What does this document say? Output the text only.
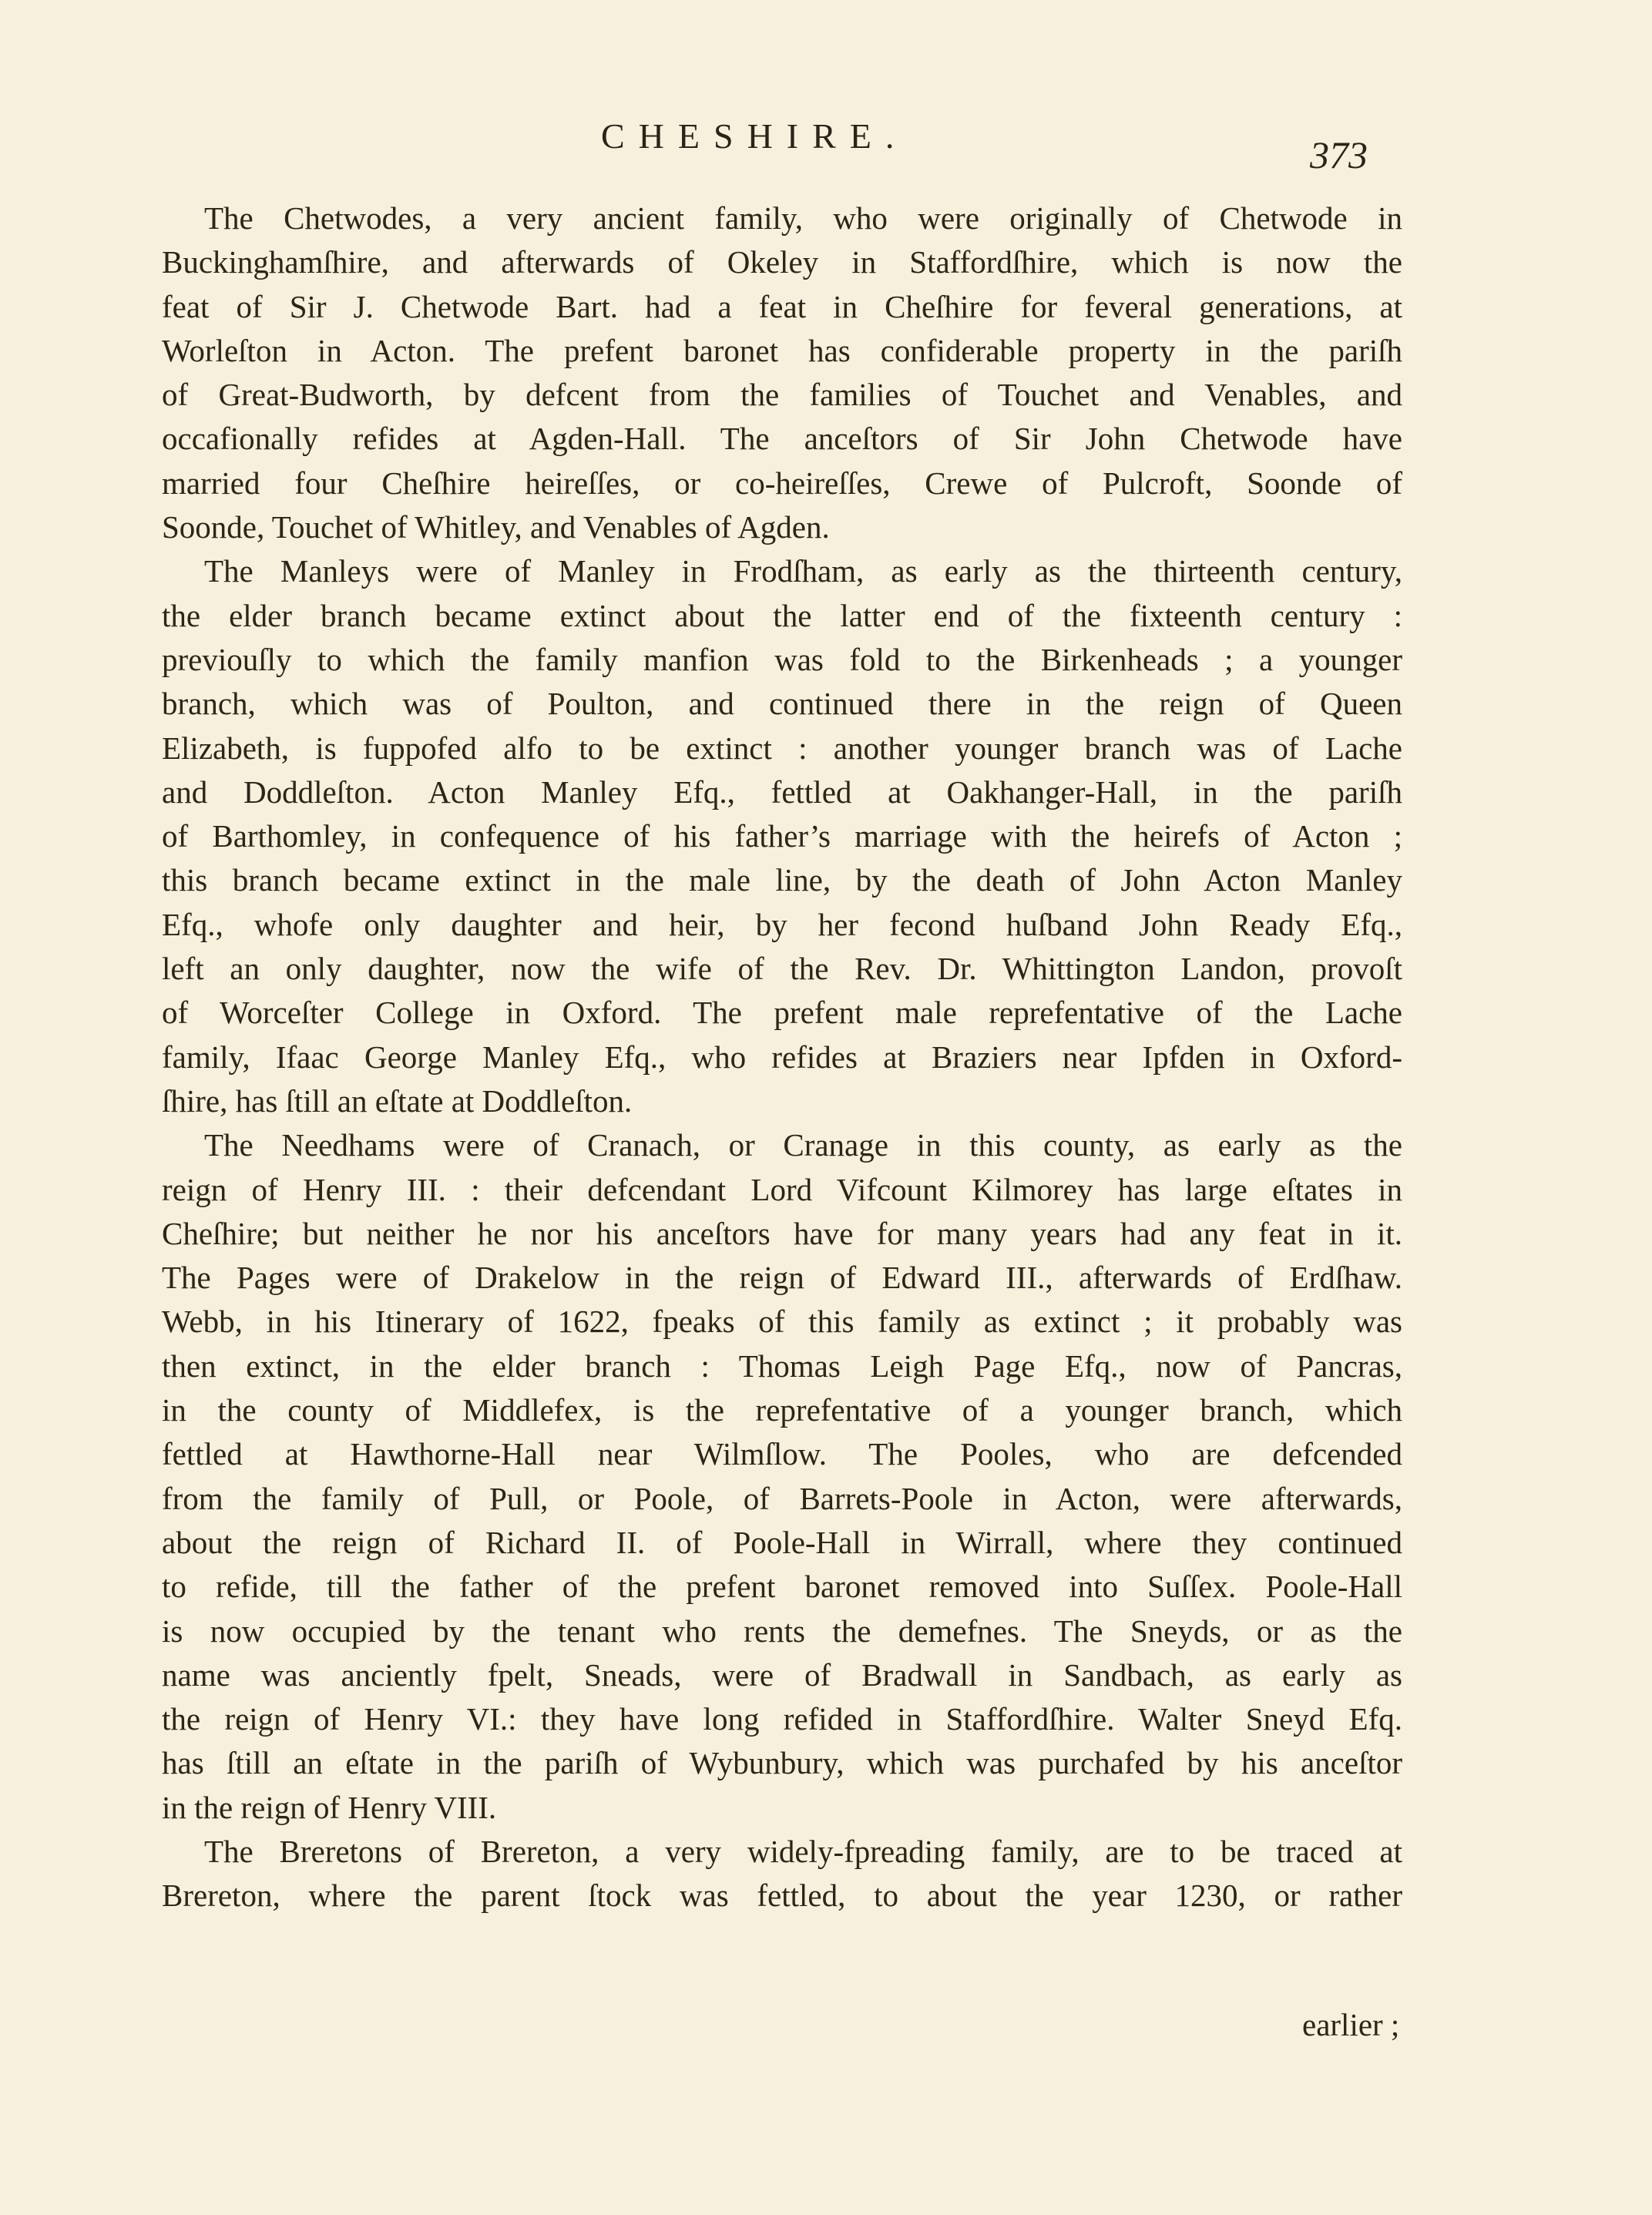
CHESHIRE.	373
The Chetwodes, a very ancient family, who were originally of Chetwode in
Buckinghamſhire, and afterwards of Okeley in Staffordſhire, which is now the
feat of Sir J. Chetwode Bart. had a feat in Cheſhire for feveral generations, at
Worleſton in Acton. The prefent baronet has confiderable property in the pariſh
of Great-Budworth, by defcent from the families of Touchet and Venables, and
occafionally refides at Agden-Hall. The anceſtors of Sir John Chetwode have
married four Cheſhire heireſſes, or co-heireſſes, Crewe of Pulcroft, Soonde of
Soonde, Touchet of Whitley, and Venables of Agden.
The Manleys were of Manley in Frodſham, as early as the thirteenth century,
the elder branch became extinct about the latter end of the fixteenth century :
previouſly to which the family manfion was fold to the Birkenheads ; a younger
branch, which was of Poulton, and continued there in the reign of Queen
Elizabeth, is fuppofed alfo to be extinct : another younger branch was of Lache
and Doddleſton. Acton Manley Efq., fettled at Oakhanger-Hall, in the pariſh
of Barthomley, in confequence of his father’s marriage with the heirefs of Acton ;
this branch became extinct in the male line, by the death of John Acton Manley
Efq., whofe only daughter and heir, by her fecond huſband John Ready Efq.,
left an only daughter, now the wife of the Rev. Dr. Whittington Landon, provoſt
of Worceſter College in Oxford. The prefent male reprefentative of the Lache
family, Ifaac George Manley Efq., who refides at Braziers near Ipfden in Oxford-
ſhire, has ſtill an eſtate at Doddleſton.
The Needhams were of Cranach, or Cranage in this county, as early as the
reign of Henry III. : their defcendant Lord Vifcount Kilmorey has large eſtates in
Cheſhire; but neither he nor his anceſtors have for many years had any feat in it.
The Pages were of Drakelow in the reign of Edward III., afterwards of Erdſhaw.
Webb, in his Itinerary of 1622, fpeaks of this family as extinct ; it probably was
then extinct, in the elder branch : Thomas Leigh Page Efq., now of Pancras,
in the county of Middlefex, is the reprefentative of a younger branch, which
fettled at Hawthorne-Hall near Wilmſlow. The Pooles, who are defcended
from the family of Pull, or Poole, of Barrets-Poole in Acton, were afterwards,
about the reign of Richard II. of Poole-Hall in Wirrall, where they continued
to refide, till the father of the prefent baronet removed into Suſſex. Poole-Hall
is now occupied by the tenant who rents the demefnes. The Sneyds, or as the
name was anciently fpelt, Sneads, were of Bradwall in Sandbach, as early as
the reign of Henry VI.: they have long refided in Staffordſhire. Walter Sneyd Efq.
has ſtill an eſtate in the pariſh of Wybunbury, which was purchafed by his anceſtor
in the reign of Henry VIII.
The Breretons of Brereton, a very widely-fpreading family, are to be traced at
Brereton, where the parent ſtock was fettled, to about the year 1230, or rather
earlier ;
